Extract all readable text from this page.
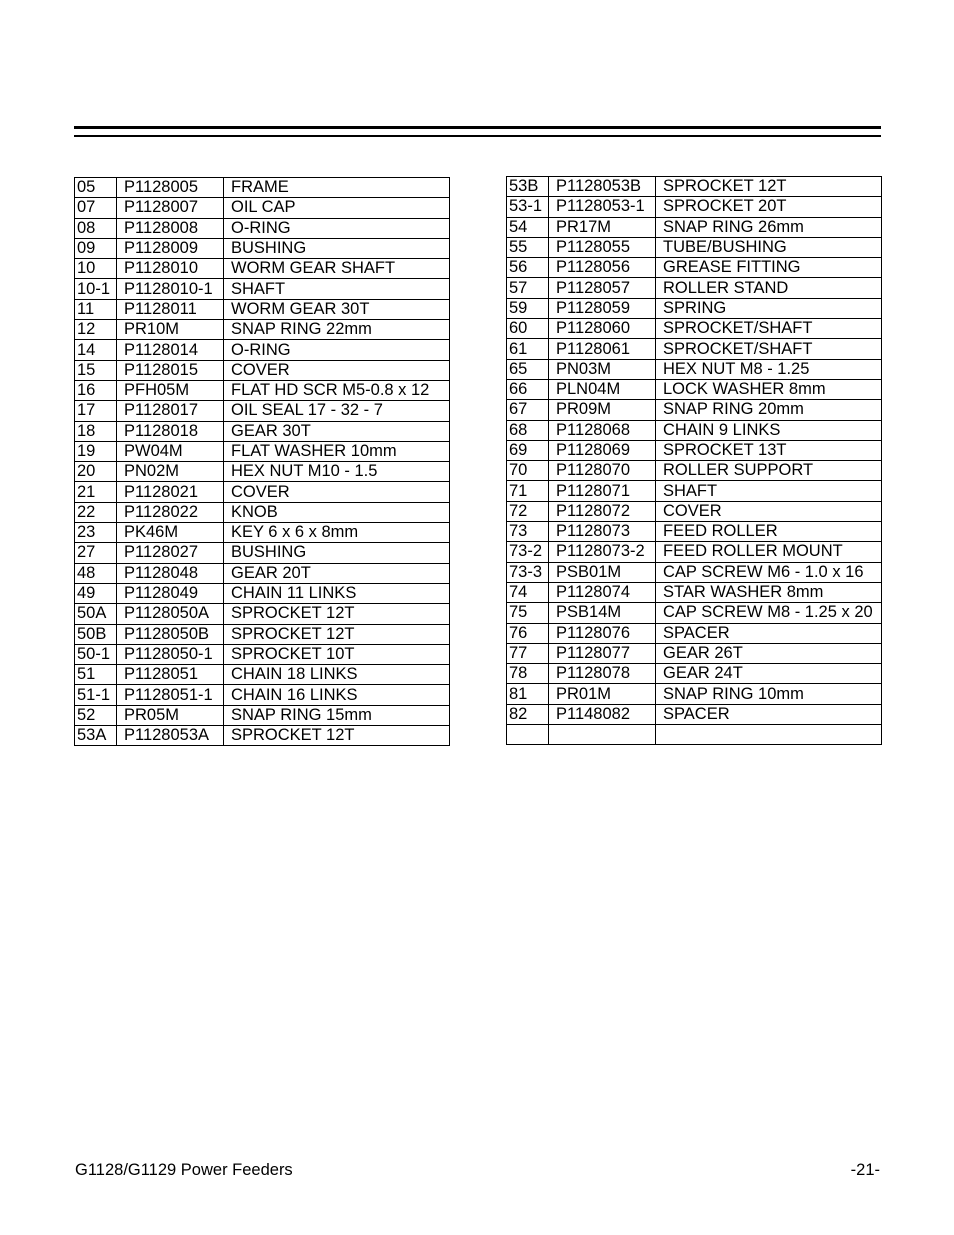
05	P1128005	FRAME
07	P1128007	OIL CAP
08	P1128008	O-RING
09	P1128009	BUSHING
10	P1128010	WORM GEAR SHAFT
10-1	P1128010-1	SHAFT
11	P1128011	WORM GEAR 30T
12	PR10M	SNAP RING 22mm
14	P1128014	O-RING
15	P1128015	COVER
16	PFH05M	FLAT HD SCR M5-0.8 x 12
17	P1128017	OIL SEAL 17 - 32 - 7
18	P1128018	GEAR 30T
19	PW04M	FLAT WASHER 10mm
20	PN02M	HEX NUT M10 - 1.5
21	P1128021	COVER
22	P1128022	KNOB
23	PK46M	KEY 6 x 6 x 8mm
27	P1128027	BUSHING
48	P1128048	GEAR 20T
49	P1128049	CHAIN 11 LINKS
50A	P1128050A	SPROCKET 12T
50B	P1128050B	SPROCKET 12T
50-1	P1128050-1	SPROCKET 10T
51	P1128051	CHAIN 18 LINKS
51-1	P1128051-1	CHAIN 16 LINKS
52	PR05M	SNAP RING 15mm
53A	P1128053A	SPROCKET 12T
53B	P1128053B	SPROCKET 12T
53-1	P1128053-1	SPROCKET 20T
54	PR17M	SNAP RING 26mm
55	P1128055	TUBE/BUSHING
56	P1128056	GREASE FITTING
57	P1128057	ROLLER STAND
59	P1128059	SPRING
60	P1128060	SPROCKET/SHAFT
61	P1128061	SPROCKET/SHAFT
65	PN03M	HEX NUT M8 - 1.25
66	PLN04M	LOCK WASHER 8mm
67	PR09M	SNAP RING 20mm
68	P1128068	CHAIN 9 LINKS
69	P1128069	SPROCKET 13T
70	P1128070	ROLLER SUPPORT
71	P1128071	SHAFT
72	P1128072	COVER
73	P1128073	FEED ROLLER
73-2	P1128073-2	FEED ROLLER MOUNT
73-3	PSB01M	CAP SCREW M6 - 1.0 x 16
74	P1128074	STAR WASHER 8mm
75	PSB14M	CAP SCREW M8 - 1.25 x 20
76	P1128076	SPACER
77	P1128077	GEAR 26T
78	P1128078	GEAR 24T
81	PR01M	SNAP RING 10mm
82	P1148082	SPACER

G1128/G1129 Power Feeders	-21-
